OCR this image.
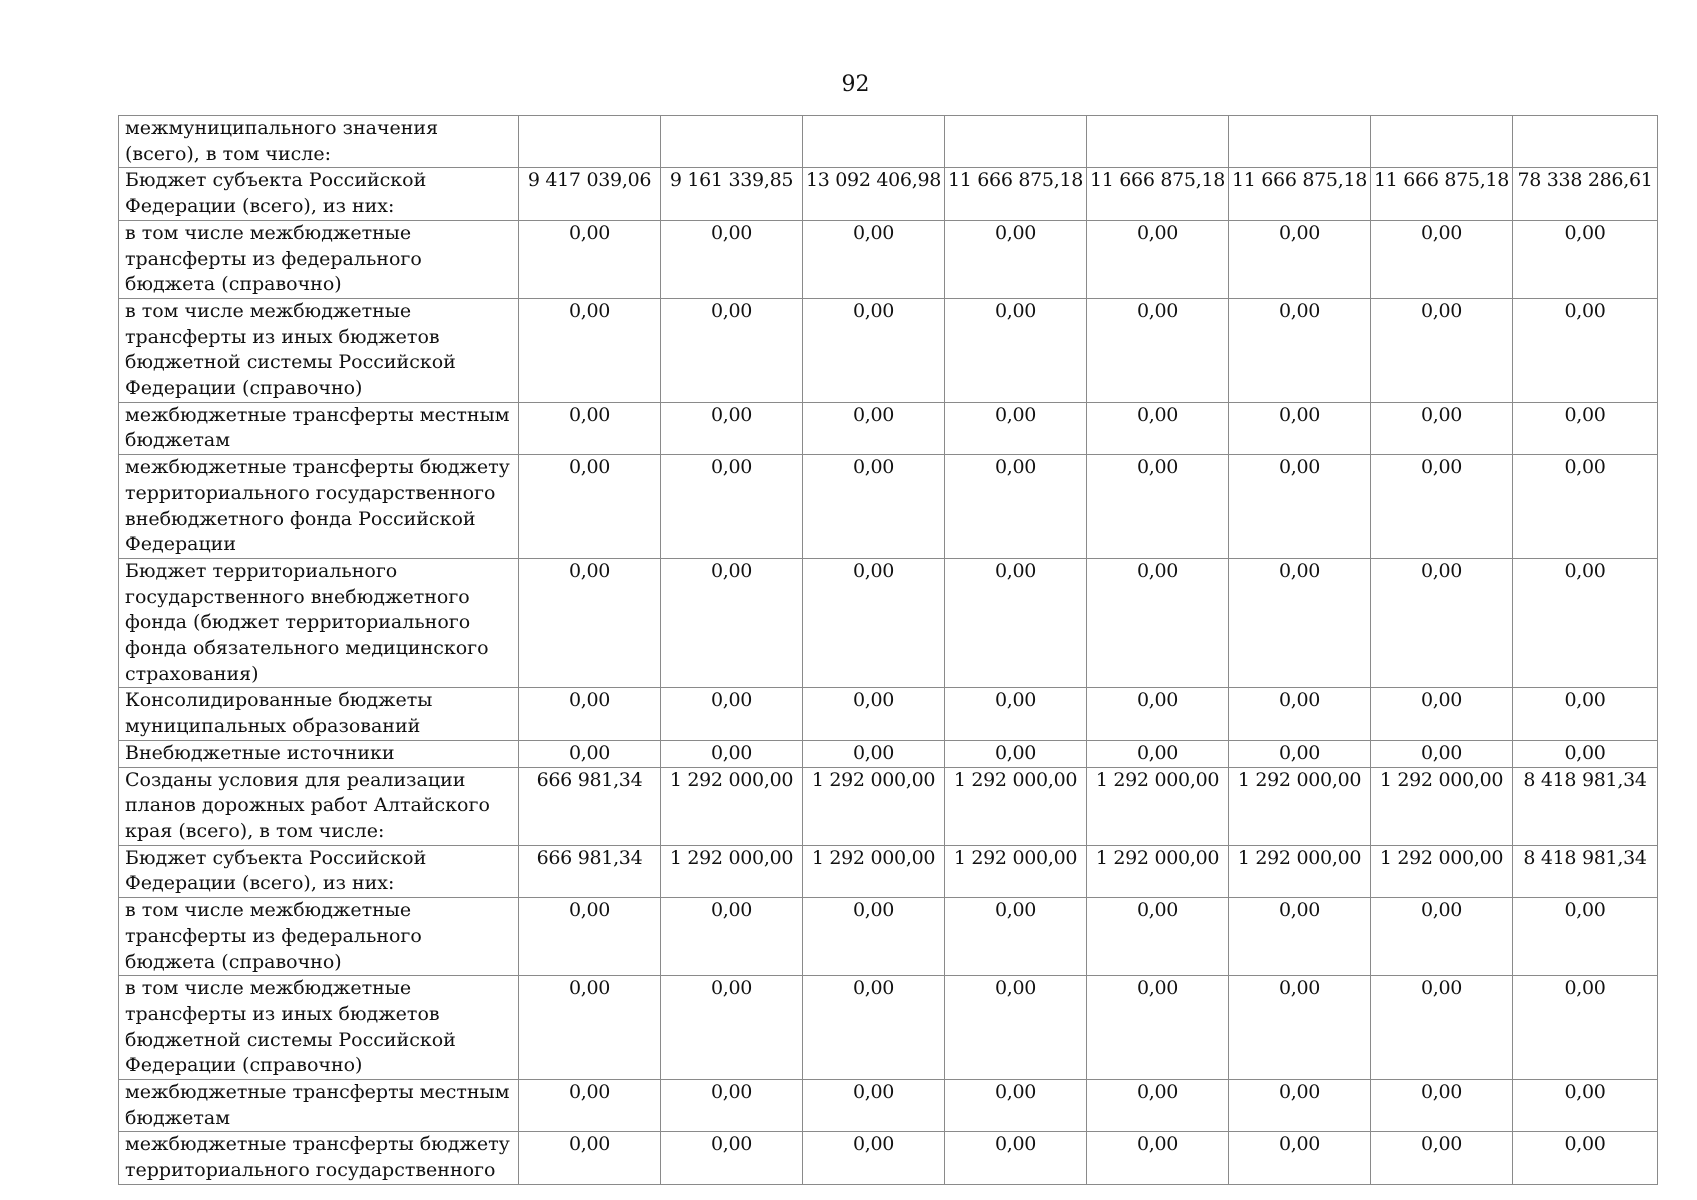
92
межмуниципального значения (всего), в том числе:								
Бюджет субъекта Российской Федерации (всего), из них:	9 417 039,06	9 161 339,85	13 092 406,98	11 666 875,18	11 666 875,18	11 666 875,18	11 666 875,18	78 338 286,61
в том числе межбюджетные трансферты из федерального бюджета (справочно)	0,00	0,00	0,00	0,00	0,00	0,00	0,00	0,00
в том числе межбюджетные трансферты из иных бюджетов бюджетной системы Российской Федерации (справочно)	0,00	0,00	0,00	0,00	0,00	0,00	0,00	0,00
межбюджетные трансферты местным бюджетам	0,00	0,00	0,00	0,00	0,00	0,00	0,00	0,00
межбюджетные трансферты бюджету территориального государственного внебюджетного фонда Российской Федерации	0,00	0,00	0,00	0,00	0,00	0,00	0,00	0,00
Бюджет территориального государственного внебюджетного фонда (бюджет территориального фонда обязательного медицинского страхования)	0,00	0,00	0,00	0,00	0,00	0,00	0,00	0,00
Консолидированные бюджеты муниципальных образований	0,00	0,00	0,00	0,00	0,00	0,00	0,00	0,00
Внебюджетные источники	0,00	0,00	0,00	0,00	0,00	0,00	0,00	0,00
Созданы условия для реализации планов дорожных работ Алтайского края (всего), в том числе:	666 981,34	1 292 000,00	1 292 000,00	1 292 000,00	1 292 000,00	1 292 000,00	1 292 000,00	8 418 981,34
Бюджет субъекта Российской Федерации (всего), из них:	666 981,34	1 292 000,00	1 292 000,00	1 292 000,00	1 292 000,00	1 292 000,00	1 292 000,00	8 418 981,34
в том числе межбюджетные трансферты из федерального бюджета (справочно)	0,00	0,00	0,00	0,00	0,00	0,00	0,00	0,00
в том числе межбюджетные трансферты из иных бюджетов бюджетной системы Российской Федерации (справочно)	0,00	0,00	0,00	0,00	0,00	0,00	0,00	0,00
межбюджетные трансферты местным бюджетам	0,00	0,00	0,00	0,00	0,00	0,00	0,00	0,00
межбюджетные трансферты бюджету территориального государственного	0,00	0,00	0,00	0,00	0,00	0,00	0,00	0,00
